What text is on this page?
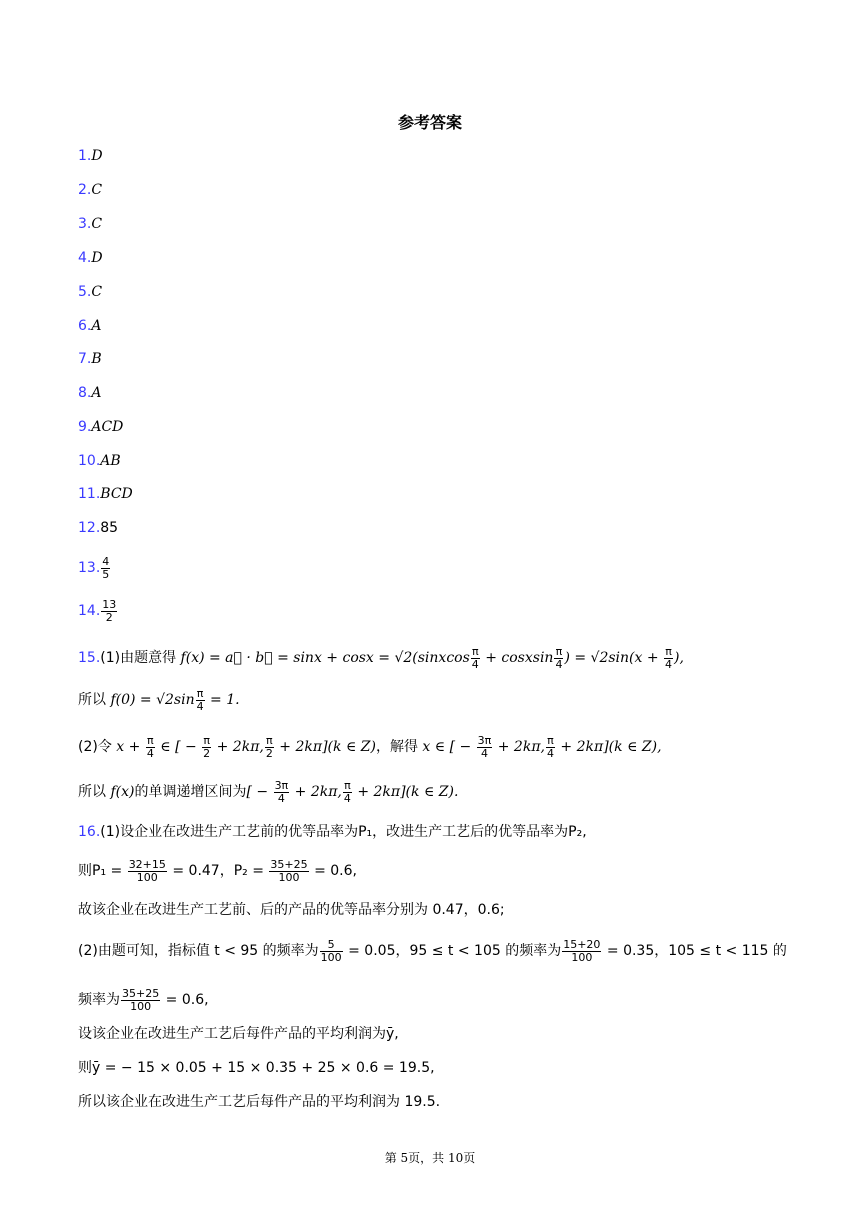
参考答案
1.D
2.C
3.C
4.D
5.C
6.A
7.B
8.A
9.ACD
10.AB
11.BCD
12.85
13. $\frac{4}{5}$
14. $\frac{13}{2}$
15.(1)由题意得 f(x) = a⃗ · b⃗ = sinx + cosx = √2(sinxcos $\frac{\pi}{4}$ + cosxsin $\frac{\pi}{4}$ ) = $√2\sin(x + \frac{\pi}{4}$ ),
所以 $f(0) = √2\sin \frac{\pi}{4} = 1$.
(2)令 $x + \frac{\pi}{4}$ ∈ [ − $\frac{\pi}{2} + 2k\pi$, $\frac{\pi}{2} + 2k\pi](k$ ∈ Z)，解得 x ∈ [ − $\frac{3\pi}{4} + 2k\pi$, $\frac{\pi}{4} + 2k\pi](k$ ∈ Z),
所以 f(x)的单调递增区间为[ − $\frac{3\pi}{4} + 2k\pi$, $\frac{\pi}{4} + 2k\pi](k$ ∈ Z).
16.(1)设企业在改进生产工艺前的优等品率为P₁，改进生产工艺后的优等品率为P₂,
则$P_1 = \frac{32+15}{100} = 0.47$，$P_2 = \frac{35+25}{100} = 0.6$,
故该企业在改进生产工艺前、后的产品的优等品率分别为 0.47，0.6;
(2)由题可知，指标值 t < 95 的频率为 $\frac{5}{100} = 0.05$，95 ≤ t < 105 的频率为 $\frac{15+20}{100} = 0.35$，105 ≤ t < 115 的
频率为 $\frac{35+25}{100} = 0.6$,
设该企业在改进生产工艺后每件产品的平均利润为ȳ,
则ȳ = − 15 × 0.05 + 15 × 0.35 + 25 × 0.6 = 19.5,
所以该企业在改进生产工艺后每件产品的平均利润为 19.5.
第 5页，共 10页
